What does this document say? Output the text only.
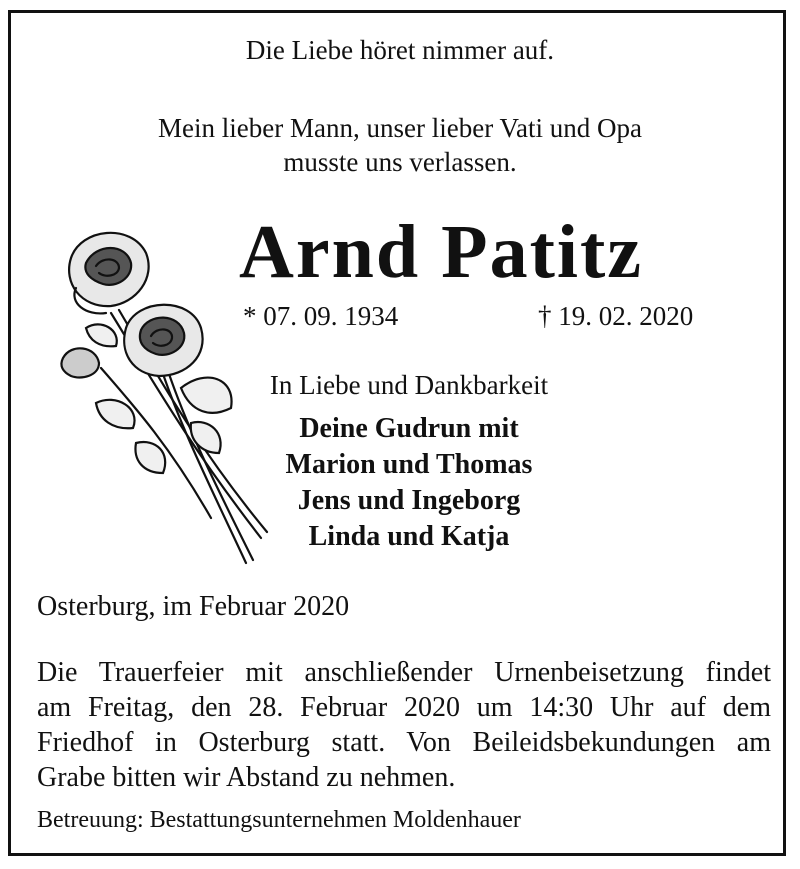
Die Liebe höret nimmer auf.
Mein lieber Mann, unser lieber Vati und Opa
musste uns verlassen.
Arnd Patitz
* 07. 09. 1934	† 19. 02. 2020
In Liebe und Dankbarkeit
Deine Gudrun mit
Marion und Thomas
Jens und Ingeborg
Linda und Katja
Osterburg, im Februar 2020
Die Trauerfeier mit anschließender Urnenbeisetzung findet
am Freitag, den 28. Februar 2020 um 14:30 Uhr auf dem
Friedhof in Osterburg statt. Von Beileidsbekundungen am
Grabe bitten wir Abstand zu nehmen.
Betreuung: Bestattungsunternehmen Moldenhauer
